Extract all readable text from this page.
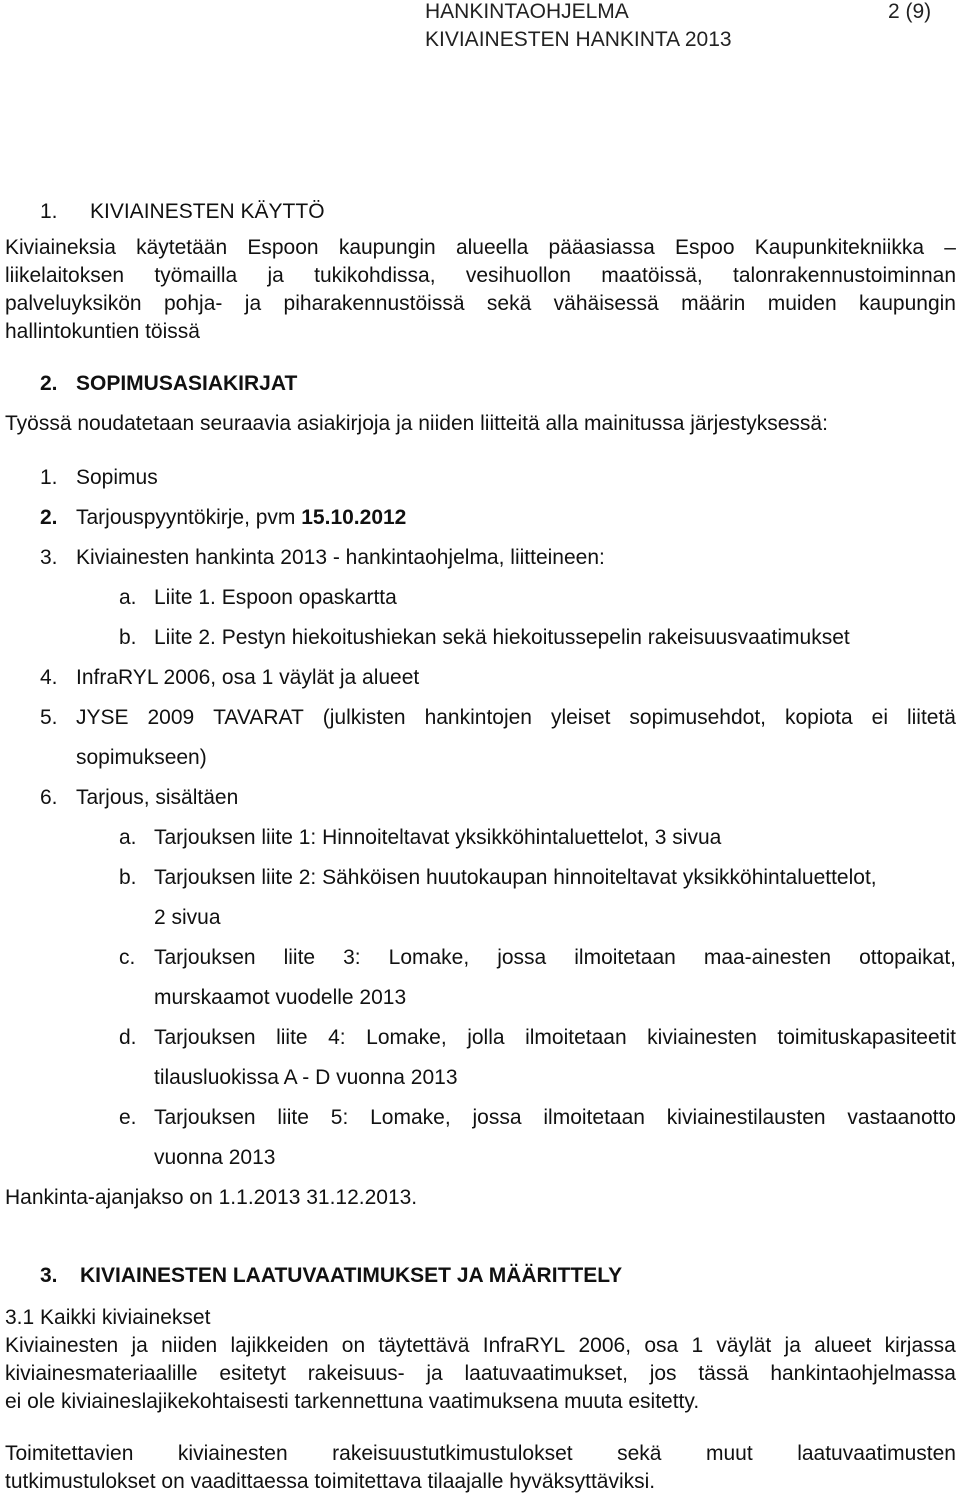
HANKINTAOHJELMA	2 (9)
KIVIAINESTEN HANKINTA 2013
1. KIVIAINESTEN KÄYTTÖ
Kiviaineksia käytetään Espoon kaupungin alueella pääasiassa Espoo Kaupunkitekniikka –
liikelaitoksen työmailla ja tukikohdissa, vesihuollon maatöissä, talonrakennustoiminnan
palveluyksikön pohja- ja piharakennustöissä sekä vähäisessä määrin muiden kaupungin
hallintokuntien töissä
2. SOPIMUSASIAKIRJAT
Työssä noudatetaan seuraavia asiakirjoja ja niiden liitteitä alla mainitussa järjestyksessä:
1. Sopimus
2. Tarjouspyyntökirje, pvm 15.10.2012
3. Kiviainesten hankinta 2013 - hankintaohjelma, liitteineen:
a. Liite 1. Espoon opaskartta
b. Liite 2. Pestyn hiekoitushiekan sekä hiekoitussepelin rakeisuusvaatimukset
4. InfraRYL 2006, osa 1 väylät ja alueet
5. JYSE 2009 TAVARAT (julkisten hankintojen yleiset sopimusehdot, kopiota ei liitetä
sopimukseen)
6. Tarjous, sisältäen
a. Tarjouksen liite 1: Hinnoiteltavat yksikköhintaluettelot, 3 sivua
b. Tarjouksen liite 2: Sähköisen huutokaupan hinnoiteltavat yksikköhintaluettelot,
2 sivua
c. Tarjouksen liite 3: Lomake, jossa ilmoitetaan maa-ainesten ottopaikat,
murskaamot vuodelle 2013
d. Tarjouksen liite 4: Lomake, jolla ilmoitetaan kiviainesten toimituskapasiteetit
tilausluokissa A - D vuonna 2013
e. Tarjouksen liite 5: Lomake, jossa ilmoitetaan kiviainestilausten vastaanotto
vuonna 2013
Hankinta-ajanjakso on 1.1.2013 31.12.2013.
3. KIVIAINESTEN LAATUVAATIMUKSET JA MÄÄRITTELY
3.1 Kaikki kiviainekset
Kiviainesten ja niiden lajikkeiden on täytettävä InfraRYL 2006, osa 1 väylät ja alueet kirjassa
kiviainesmateriaalille esitetyt rakeisuus- ja laatuvaatimukset, jos tässä hankintaohjelmassa
ei ole kiviaineslajikekohtaisesti tarkennettuna vaatimuksena muuta esitetty.
Toimitettavien kiviainesten rakeisuustutkimustulokset sekä muut laatuvaatimusten
tutkimustulokset on vaadittaessa toimitettava tilaajalle hyväksyttäviksi.
